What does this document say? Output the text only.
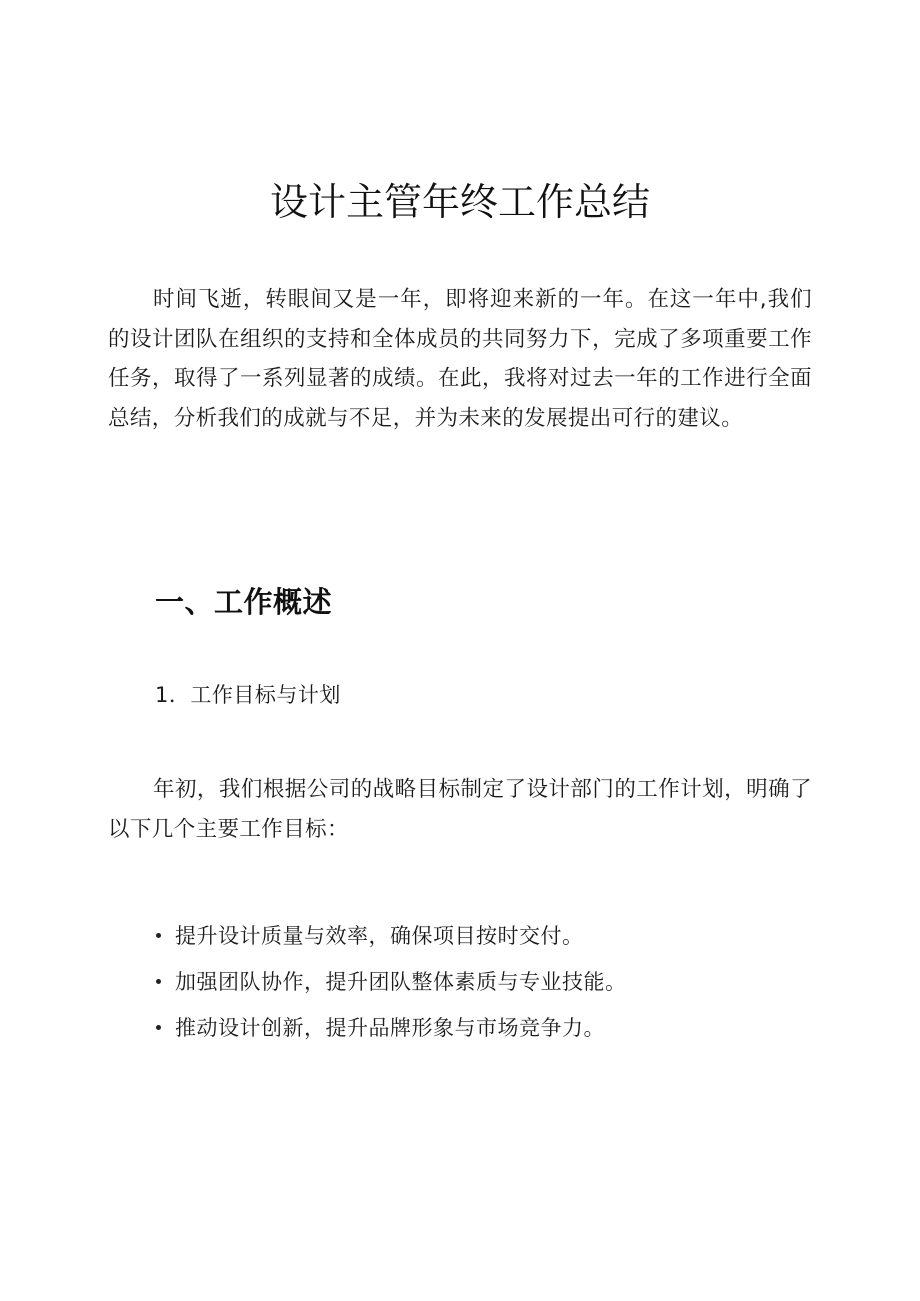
设计主管年终工作总结

时间飞逝，转眼间又是一年，即将迎来新的一年。在这一年中,我们的设计团队在组织的支持和全体成员的共同努力下，完成了多项重要工作任务，取得了一系列显著的成绩。在此，我将对过去一年的工作进行全面总结，分析我们的成就与不足，并为未来的发展提出可行的建议。

一、工作概述
1．工作目标与计划

年初，我们根据公司的战略目标制定了设计部门的工作计划，明确了以下几个主要工作目标：

提升设计质量与效率，确保项目按时交付。
加强团队协作，提升团队整体素质与专业技能。
推动设计创新，提升品牌形象与市场竞争力。
